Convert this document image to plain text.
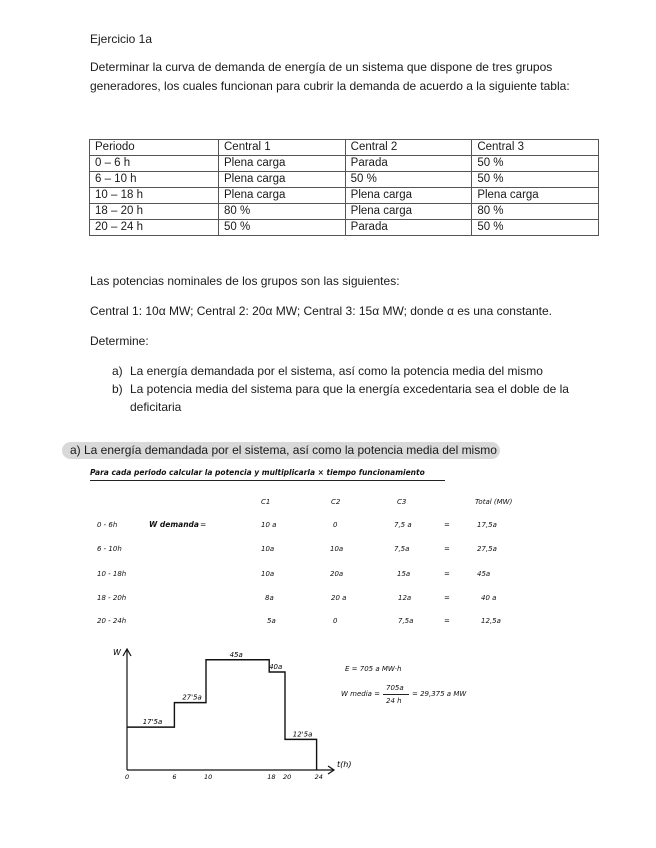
Ejercicio 1a

Determinar la curva de demanda de energía de un sistema que dispone de tres grupos

generadores, los cuales funcionan para cubrir la demanda de acuerdo a la siguiente tabla:

Periodo	Central 1	Central 2	Central 3
0 – 6 h	Plena carga	Parada	50 %
6 – 10 h	Plena carga	50 %	50 %
10 – 18 h	Plena carga	Plena carga	Plena carga
18 – 20 h	80 %	Plena carga	80 %
20 – 24 h	50 %	Parada	50 %

Las potencias nominales de los grupos son las siguientes:

Central 1: 10α MW; Central 2: 20α MW; Central 3: 15α MW; donde α es una constante.

Determine:

a) La energía demandada por el sistema, así como la potencia media del mismo
b) La potencia media del sistema para que la energía excedentaria sea el doble de la deficitaria
a) La energía demandada por el sistema, así como la potencia media del mismo
Para cada periodo calcular la potencia y multiplicarla × tiempo funcionamiento
C1	C2	C3	Total (MW)
W demanda =
0 - 6h	10 a	0	7,5 a	=	17,5a
6 - 10h	10a	10a	7,5a	=	27,5a
10 - 18h	10a	20a	15a	=	45a
18 - 20h	8a	20 a	12a	=	40 a
20 - 24h	5a	0	7,5a	=	12,5a
E = 705 a MW·h
W media =
705a
24 h
= 29,375 a MW
W
t(h)
17'5a
27'5a
45a
40a
12'5a
0	6	10	18 20	24
